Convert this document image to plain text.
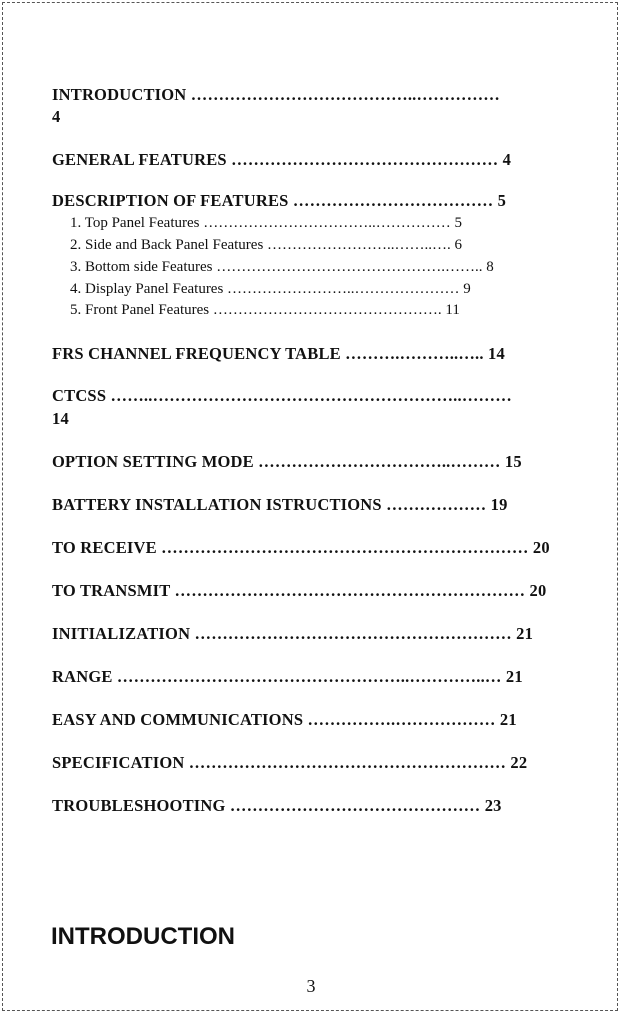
INTRODUCTION …………………………………..……………
4
GENERAL FEATURES ………………………………………… 4
DESCRIPTION OF FEATURES ……………………………… 5
1. Top Panel Features ……………………………..…………… 5
2. Side and Back Panel Features ……………………..……..…. 6
3. Bottom side Features ……………………………………….…….. 8
4. Display Panel Features ……………………..………………… 9
5. Front Panel Features ………………………………………. 11
FRS CHANNEL FREQUENCY TABLE ……….………..….. 14
CTCSS ……..………………………………………………..………
14
OPTION SETTING MODE ……………………………..……… 15
BATTERY INSTALLATION ISTRUCTIONS ……………… 19
TO RECEIVE ………………………………………………………… 20
TO TRANSMIT ……………………………………………………… 20
INITIALIZATION ………………………………………………… 21
RANGE ……………………………………………..…………..… 21
EASY AND COMMUNICATIONS …………….……………… 21
SPECIFICATION ………………………………………………… 22
TROUBLESHOOTING ……………………………………… 23
INTRODUCTION
3
